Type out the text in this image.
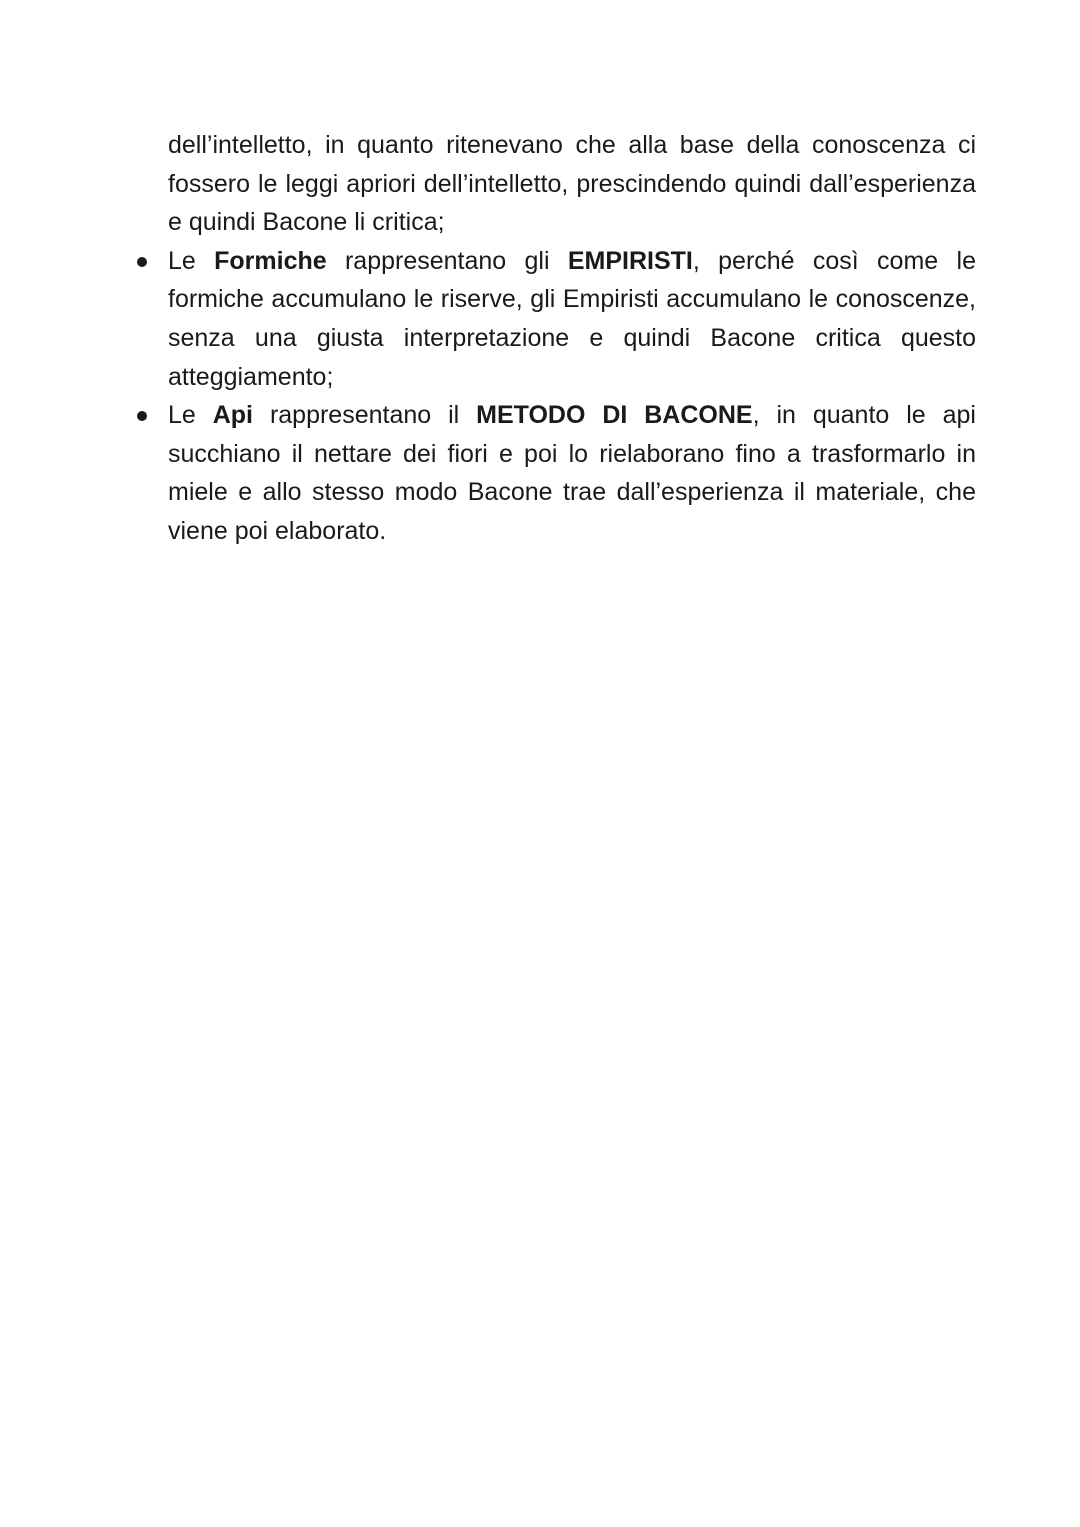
dell’intelletto, in quanto ritenevano che alla base della conoscenza ci fossero le leggi apriori dell’intelletto, prescindendo quindi dall’esperienza e quindi Bacone li critica;

Le Formiche rappresentano gli EMPIRISTI, perché così come le formiche accumulano le riserve, gli Empiristi accumulano le conoscenze, senza una giusta interpretazione e quindi Bacone critica questo atteggiamento;

Le Api rappresentano il METODO DI BACONE, in quanto le api succhiano il nettare dei fiori e poi lo rielaborano fino a trasformarlo in miele e allo stesso modo Bacone trae dall’esperienza il materiale, che viene poi elaborato.
